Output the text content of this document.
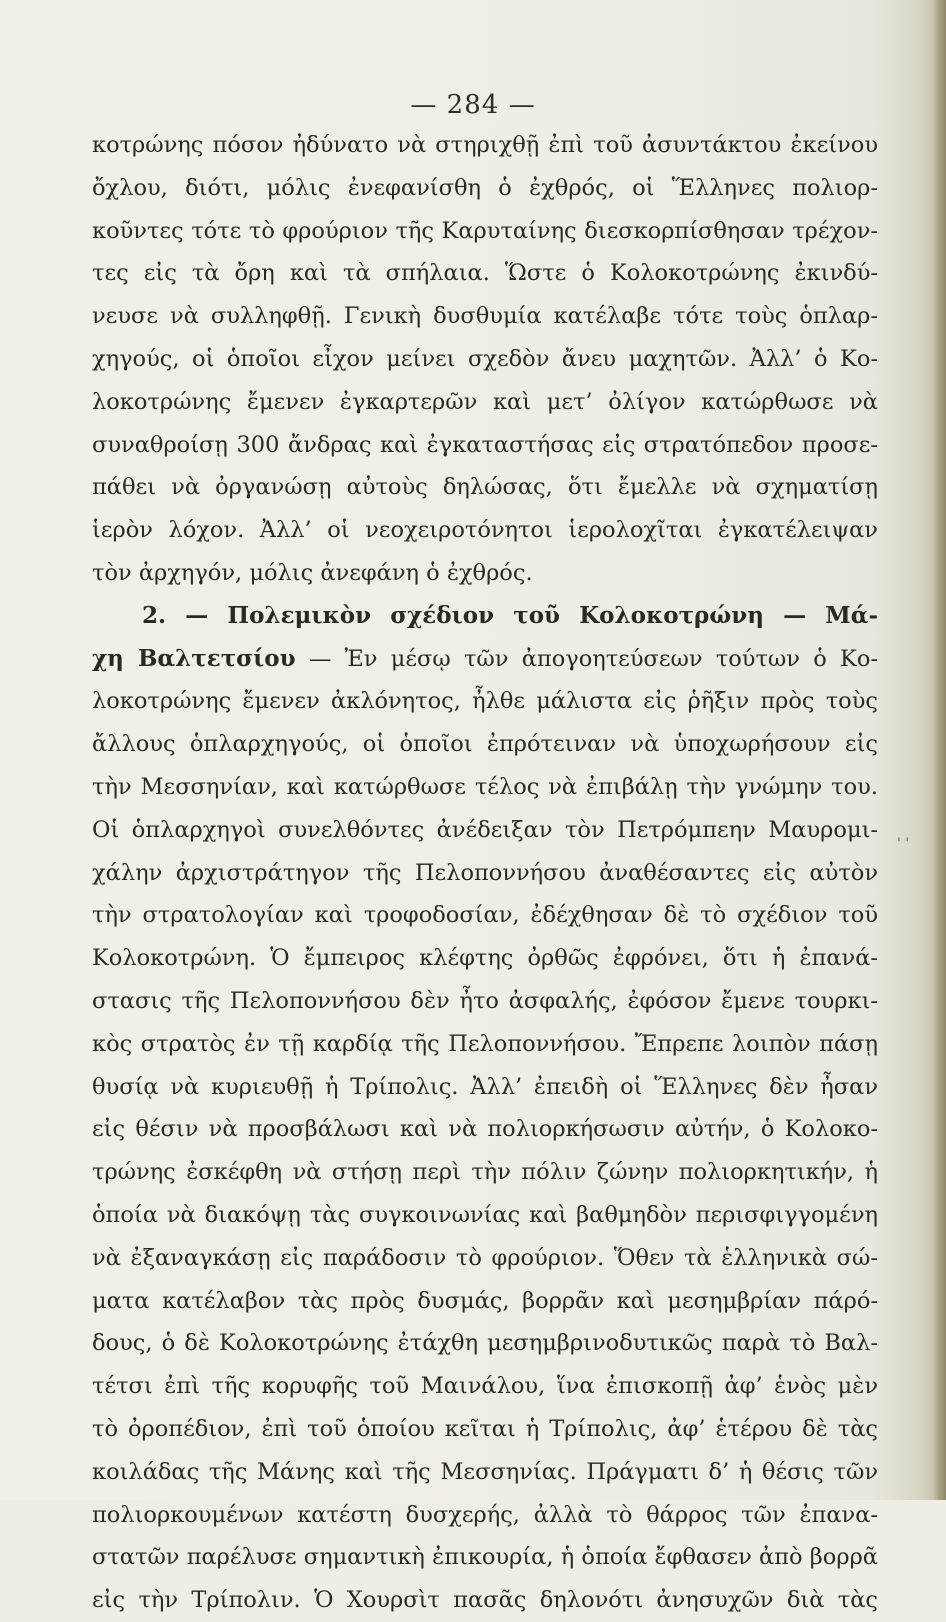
— 284 —
' '
κοτρώνης πόσον ἠδύνατο νὰ στηριχθῇ ἐπὶ τοῦ ἀσυντάκτου ἐκείνου
ὄχλου, διότι, μόλις ἐνεφανίσθη ὁ ἐχθρός, οἱ Ἕλληνες πολιορ-
κοῦντες τότε τὸ φρούριον τῆς Καρυταίνης διεσκορπίσθησαν τρέχον-
τες εἰς τὰ ὄρη καὶ τὰ σπήλαια. Ὥστε ὁ Κολοκοτρώνης ἐκινδύ-
νευσε νὰ συλληφθῇ. Γενικὴ δυσθυμία κατέλαβε τότε τοὺς ὁπλαρ-
χηγούς, οἱ ὁποῖοι εἶχον μείνει σχεδὸν ἄνευ μαχητῶν. Ἀλλ’ ὁ Κο-
λοκοτρώνης ἔμενεν ἐγκαρτερῶν καὶ μετ’ ὀλίγον κατώρθωσε νὰ
συναθροίσῃ 300 ἄνδρας καὶ ἐγκαταστήσας εἰς στρατόπεδον προσε-
πάθει νὰ ὀργανώσῃ αὐτοὺς δηλώσας, ὅτι ἔμελλε νὰ σχηματίσῃ
ἱερὸν λόχον. Ἀλλ’ οἱ νεοχειροτόνητοι ἱερολοχῖται ἐγκατέλειψαν
τὸν ἀρχηγόν, μόλις ἀνεφάνη ὁ ἐχθρός.
2. — Πολεμικὸν σχέδιον τοῦ Κολοκοτρώνη — Μά-
χη Βαλτετσίου — Ἐν μέσῳ τῶν ἀπογοητεύσεων τούτων ὁ Κο-
λοκοτρώνης ἔμενεν ἀκλόνητος, ἦλθε μάλιστα εἰς ῥῆξιν πρὸς τοὺς
ἄλλους ὁπλαρχηγούς, οἱ ὁποῖοι ἐπρότειναν νὰ ὑποχωρήσουν εἰς
τὴν Μεσσηνίαν, καὶ κατώρθωσε τέλος νὰ ἐπιβάλῃ τὴν γνώμην του.
Οἱ ὁπλαρχηγοὶ συνελθόντες ἀνέδειξαν τὸν Πετρόμπεην Μαυρομι-
χάλην ἀρχιστράτηγον τῆς Πελοποννήσου ἀναθέσαντες εἰς αὐτὸν
τὴν στρατολογίαν καὶ τροφοδοσίαν, ἐδέχθησαν δὲ τὸ σχέδιον τοῦ
Κολοκοτρώνη. Ὁ ἔμπειρος κλέφτης ὀρθῶς ἐφρόνει, ὅτι ἡ ἐπανά-
στασις τῆς Πελοποννήσου δὲν ἦτο ἀσφαλής, ἐφόσον ἔμενε τουρκι-
κὸς στρατὸς ἐν τῇ καρδίᾳ τῆς Πελοποννήσου. Ἔπρεπε λοιπὸν πάσῃ
θυσίᾳ νὰ κυριευθῇ ἡ Τρίπολις. Ἀλλ’ ἐπειδὴ οἱ Ἕλληνες δὲν ἦσαν
εἰς θέσιν νὰ προσβάλωσι καὶ νὰ πολιορκήσωσιν αὐτήν, ὁ Κολοκο-
τρώνης ἐσκέφθη νὰ στήσῃ περὶ τὴν πόλιν ζώνην πολιορκητικήν, ἡ
ὁποία νὰ διακόψῃ τὰς συγκοινωνίας καὶ βαθμηδὸν περισφιγγομένη
νὰ ἐξαναγκάσῃ εἰς παράδοσιν τὸ φρούριον. Ὅθεν τὰ ἑλληνικὰ σώ-
ματα κατέλαβον τὰς πρὸς δυσμάς, βορρᾶν καὶ μεσημβρίαν πάρό-
δους, ὁ δὲ Κολοκοτρώνης ἐτάχθη μεσημβρινοδυτικῶς παρὰ τὸ Βαλ-
τέτσι ἐπὶ τῆς κορυφῆς τοῦ Μαινάλου, ἵνα ἐπισκοπῇ ἀφ’ ἑνὸς μὲν
τὸ ὀροπέδιον, ἐπὶ τοῦ ὁποίου κεῖται ἡ Τρίπολις, ἀφ’ ἑτέρου δὲ τὰς
κοιλάδας τῆς Μάνης καὶ τῆς Μεσσηνίας. Πράγματι δ’ ἡ θέσις τῶν
πολιορκουμένων κατέστη δυσχερής, ἀλλὰ τὸ θάρρος τῶν ἐπανα-
στατῶν παρέλυσε σημαντικὴ ἐπικουρία, ἡ ὁποία ἔφθασεν ἀπὸ βορρᾶ
εἰς τὴν Τρίπολιν. Ὁ Χουρσὶτ πασᾶς δηλονότι ἀνησυχῶν διὰ τὰς
